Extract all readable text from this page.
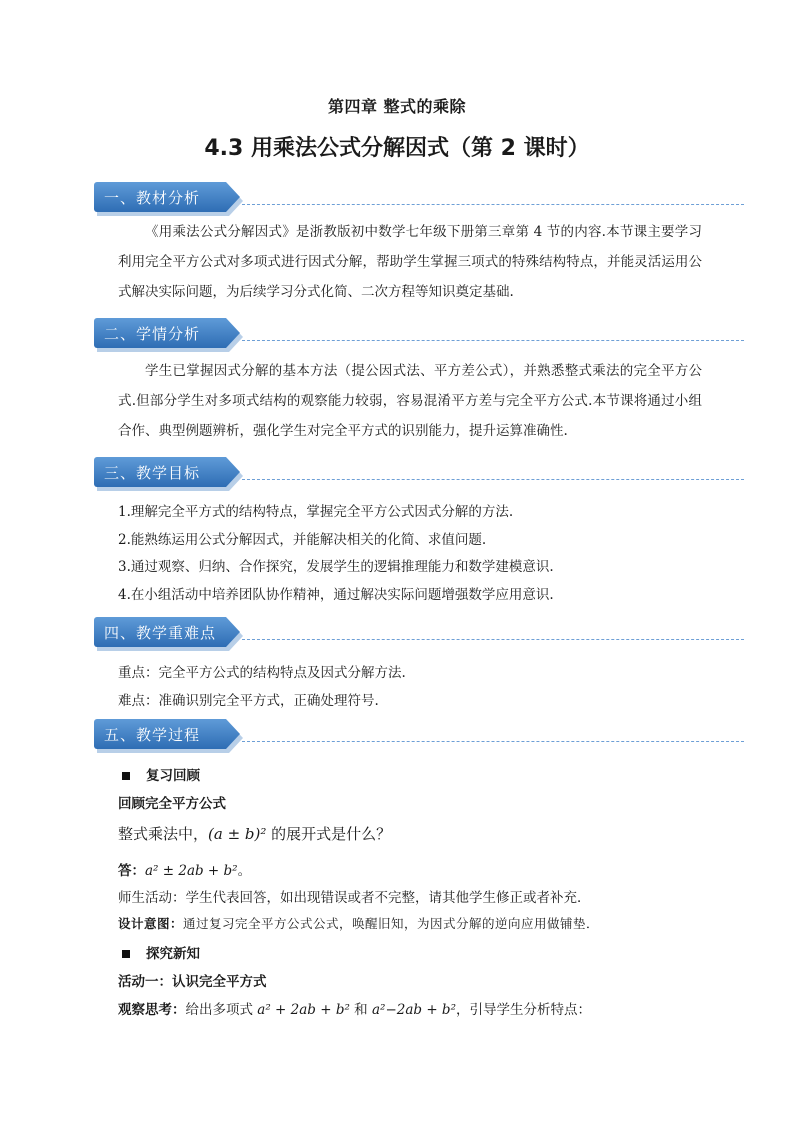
第四章 整式的乘除
4.3 用乘法公式分解因式（第 2 课时）
一、教材分析
《用乘法公式分解因式》是浙教版初中数学七年级下册第三章第 4 节的内容.本节课主要学习利用完全平方公式对多项式进行因式分解，帮助学生掌握三项式的特殊结构特点，并能灵活运用公式解决实际问题，为后续学习分式化简、二次方程等知识奠定基础.
二、学情分析
学生已掌握因式分解的基本方法（提公因式法、平方差公式），并熟悉整式乘法的完全平方公式.但部分学生对多项式结构的观察能力较弱，容易混淆平方差与完全平方公式.本节课将通过小组合作、典型例题辨析，强化学生对完全平方式的识别能力，提升运算准确性.
三、教学目标
1.理解完全平方式的结构特点，掌握完全平方公式因式分解的方法.
2.能熟练运用公式分解因式，并能解决相关的化简、求值问题.
3.通过观察、归纳、合作探究，发展学生的逻辑推理能力和数学建模意识.
4.在小组活动中培养团队协作精神，通过解决实际问题增强数学应用意识.
四、教学重难点
重点：完全平方公式的结构特点及因式分解方法.
难点：准确识别完全平方式，正确处理符号.
五、教学过程
复习回顾
回顾完全平方公式
整式乘法中，(a ± b)² 的展开式是什么？
答：a² ± 2ab + b²。
师生活动：学生代表回答，如出现错误或者不完整，请其他学生修正或者补充．
设计意图：通过复习完全平方公式公式，唤醒旧知，为因式分解的逆向应用做铺垫．
探究新知
活动一：认识完全平方式
观察思考：给出多项式 a² + 2ab + b² 和 a²−2ab + b²，引导学生分析特点：
